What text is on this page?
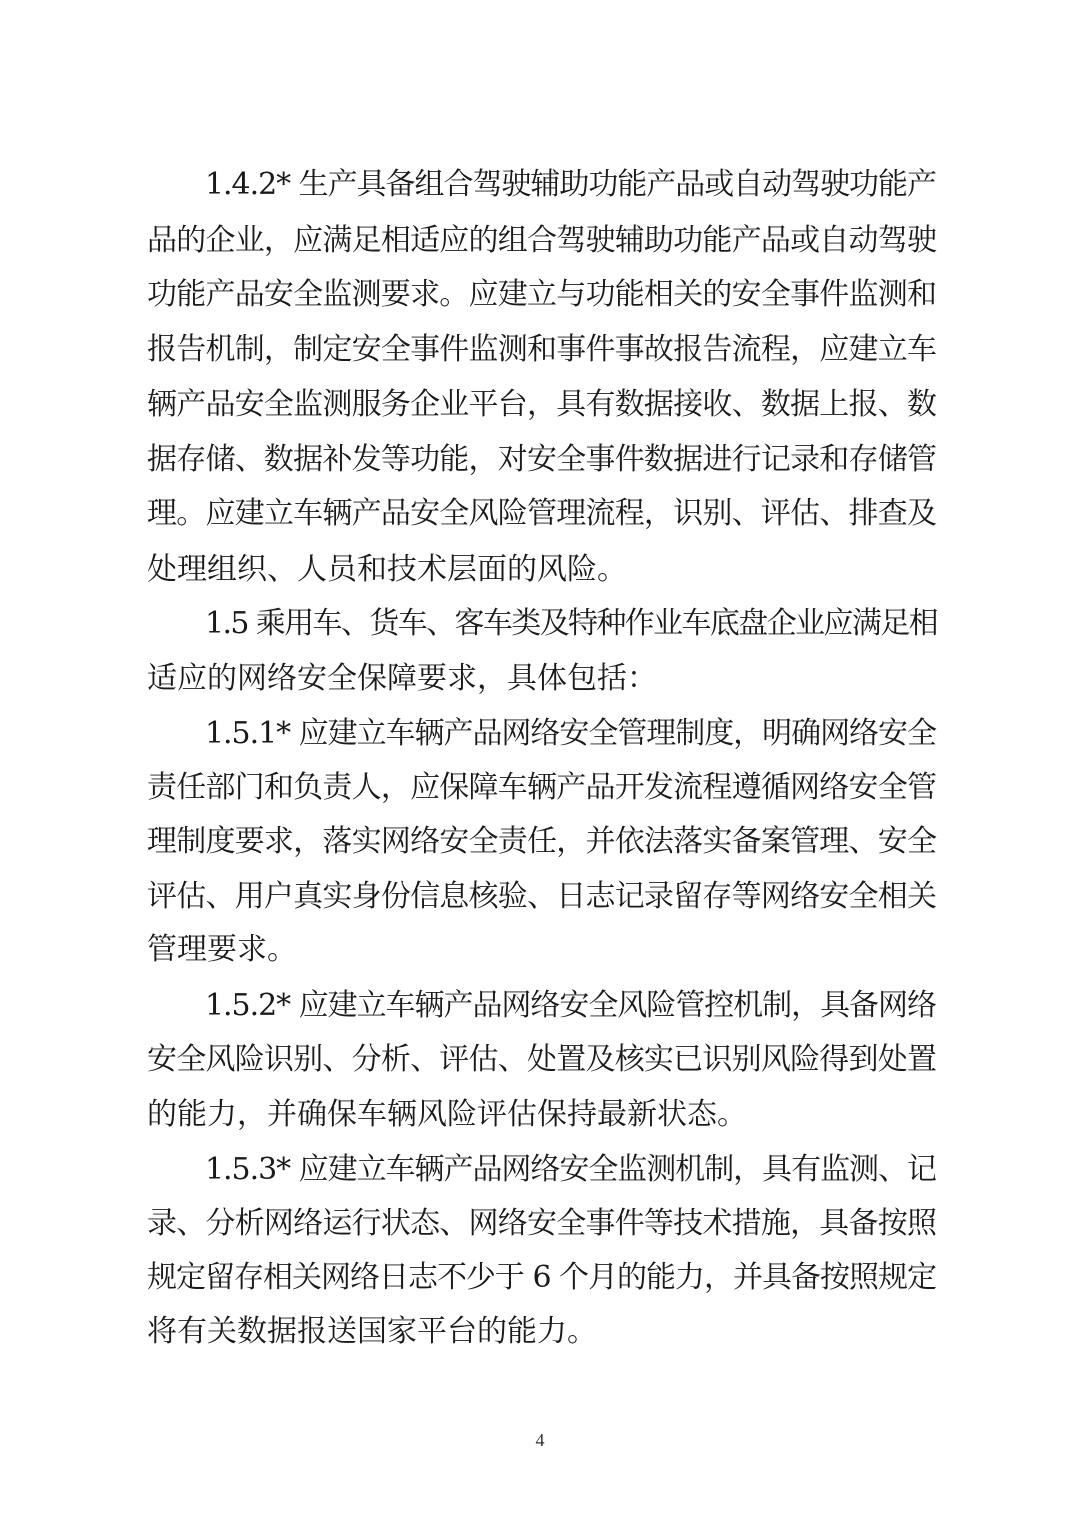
1.4.2* 生产具备组合驾驶辅助功能产品或自动驾驶功能产
品的企业，应满足相适应的组合驾驶辅助功能产品或自动驾驶
功能产品安全监测要求。应建立与功能相关的安全事件监测和
报告机制，制定安全事件监测和事件事故报告流程，应建立车
辆产品安全监测服务企业平台，具有数据接收、数据上报、数
据存储、数据补发等功能，对安全事件数据进行记录和存储管
理。应建立车辆产品安全风险管理流程，识别、评估、排查及
处理组织、人员和技术层面的风险。
1.5 乘用车、货车、客车类及特种作业车底盘企业应满足相
适应的网络安全保障要求，具体包括：
1.5.1* 应建立车辆产品网络安全管理制度，明确网络安全
责任部门和负责人，应保障车辆产品开发流程遵循网络安全管
理制度要求，落实网络安全责任，并依法落实备案管理、安全
评估、用户真实身份信息核验、日志记录留存等网络安全相关
管理要求。
1.5.2* 应建立车辆产品网络安全风险管控机制，具备网络
安全风险识别、分析、评估、处置及核实已识别风险得到处置
的能力，并确保车辆风险评估保持最新状态。
1.5.3* 应建立车辆产品网络安全监测机制，具有监测、记
录、分析网络运行状态、网络安全事件等技术措施，具备按照
规定留存相关网络日志不少于 6 个月的能力，并具备按照规定
将有关数据报送国家平台的能力。
4
